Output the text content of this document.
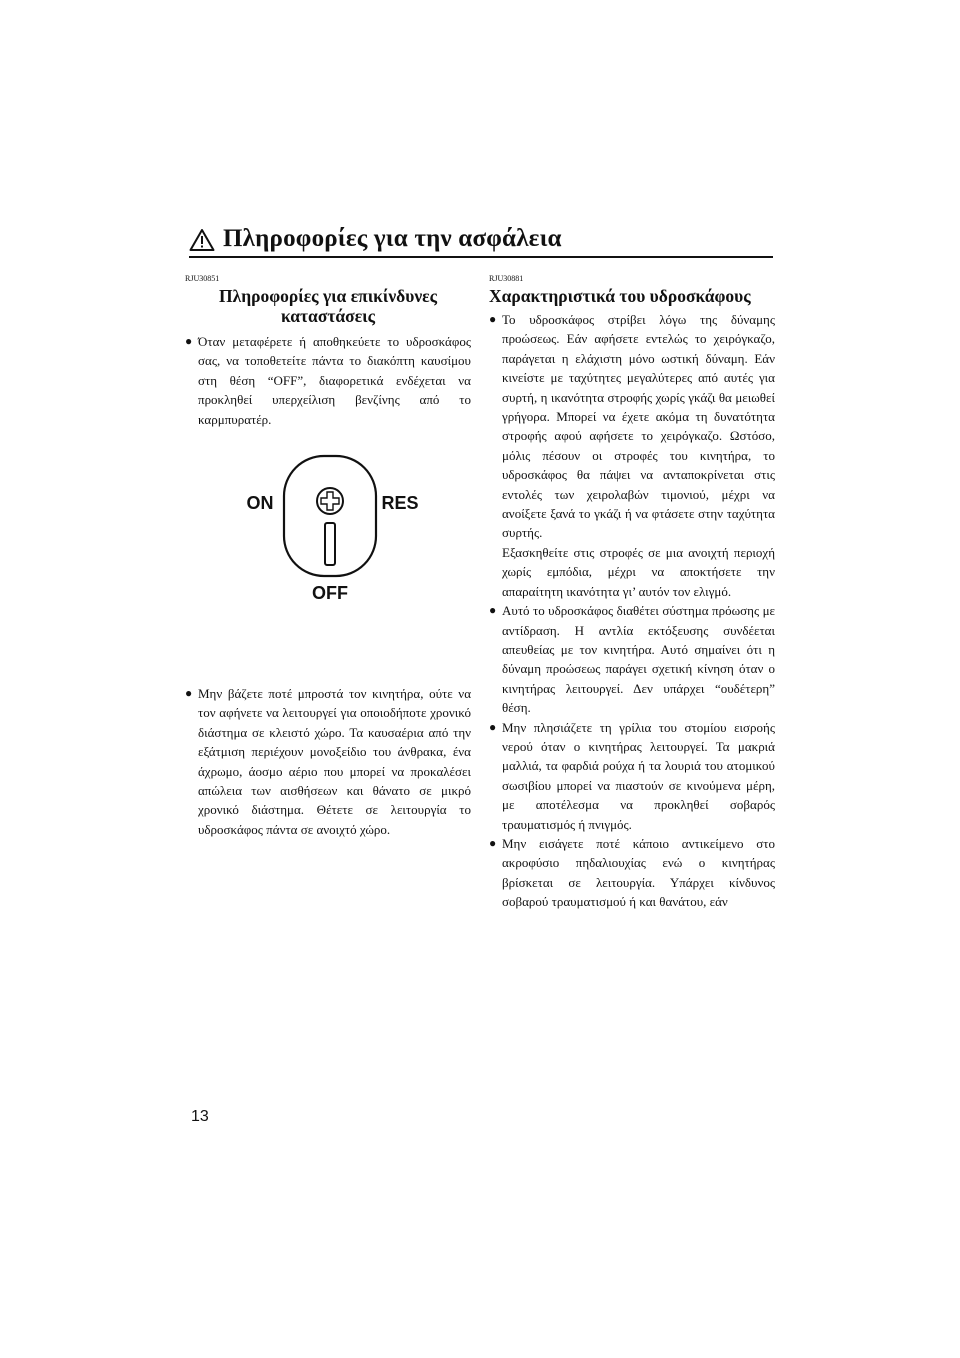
Πληροφορίες για την ασφάλεια
RJU30851
Πληροφορίες για επικίνδυνες
καταστάσεις
● Όταν μεταφέρετε ή αποθηκεύετε το υδροσκάφος σας, να τοποθετείτε πάντα το διακόπτη καυσίμου στη θέση “OFF”, διαφορετικά ενδέχεται να προκληθεί υπερχείλιση βενζίνης από το καρμπυρατέρ.

ON	RES
OFF
● Μην βάζετε ποτέ μπροστά τον κινητήρα, ούτε να τον αφήνετε να λειτουργεί για οποιοδήποτε χρονικό διάστημα σε κλειστό χώρο. Τα καυσαέρια από την εξάτμιση περιέχουν μονοξείδιο του άνθρακα, ένα άχρωμο, άοσμο αέριο που μπορεί να προκαλέσει απώλεια των αισθήσεων και θάνατο σε μικρό χρονικό διάστημα. Θέτετε σε λειτουργία το υδροσκάφος πάντα σε ανοιχτό χώρο.

RJU30881
Χαρακτηριστικά του υδροσκάφους
● Το υδροσκάφος στρίβει λόγω της δύναμης προώσεως. Εάν αφήσετε εντελώς το χειρόγκαζο, παράγεται η ελάχιστη μόνο ωστική δύναμη. Εάν κινείστε με ταχύτητες μεγαλύτερες από αυτές για συρτή, η ικανότητα στροφής χωρίς γκάζι θα μειωθεί γρήγορα. Μπορεί να έχετε ακόμα τη δυνατότητα στροφής αφού αφήσετε το χειρόγκαζο. Ωστόσο, μόλις πέσουν οι στροφές του κινητήρα, το υδροσκάφος θα πάψει να ανταποκρίνεται στις εντολές των χειρολαβών τιμονιού, μέχρι να ανοίξετε ξανά το γκάζι ή να φτάσετε στην ταχύτητα συρτής.

Εξασκηθείτε στις στροφές σε μια ανοιχτή περιοχή χωρίς εμπόδια, μέχρι να αποκτήσετε την απαραίτητη ικανότητα γι’ αυτόν τον ελιγμό.

● Αυτό το υδροσκάφος διαθέτει σύστημα πρόωσης με αντίδραση. Η αντλία εκτόξευσης συνδέεται απευθείας με τον κινητήρα. Αυτό σημαίνει ότι η δύναμη προώσεως παράγει σχετική κίνηση όταν ο κινητήρας λειτουργεί. Δεν υπάρχει “ουδέτερη” θέση.

● Μην πλησιάζετε τη γρίλια του στομίου εισροής νερού όταν ο κινητήρας λειτουργεί. Τα μακριά μαλλιά, τα φαρδιά ρούχα ή τα λουριά του ατομικού σωσιβίου μπορεί να πιαστούν σε κινούμενα μέρη, με αποτέλεσμα να προκληθεί σοβαρός τραυματισμός ή πνιγμός.

● Μην εισάγετε ποτέ κάποιο αντικείμενο στο ακροφύσιο πηδαλιουχίας ενώ ο κινητήρας βρίσκεται σε λειτουργία. Υπάρχει κίνδυνος σοβαρού τραυματισμού ή και θανάτου, εάν

13
